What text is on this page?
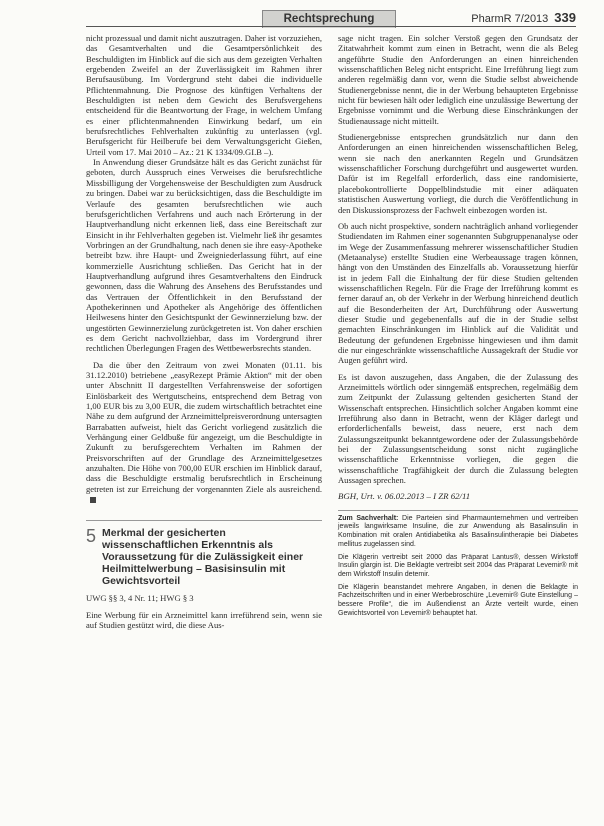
Rechtsprechung	PharmR 7/2013 339

nicht prozessual und damit nicht auszutragen. Daher ist vorzuziehen, das Gesamtverhalten und die Gesamtpersönlichkeit des Beschuldigten im Hinblick auf die sich aus dem gezeigten Verhalten ergebenden Zweifel an der Zuverlässigkeit im Rahmen ihrer Berufsausübung. Im Vordergrund steht dabei die individuelle Pflichtenmahnung. Die Prognose des künftigen Verhaltens der Beschuldigten ist neben dem Gewicht des Berufsvergehens entscheidend für die Beantwortung der Frage, in welchem Umfang es einer pflichtenmahnenden Einwirkung bedarf, um ein berufsrechtliches Fehlverhalten zukünftig zu unterlassen (vgl. Berufsgericht für Heilberufe bei dem Verwaltungsgericht Gießen, Urteil vom 17. Mai 2010 – Az.: 21 K 1334/09.GI.B –).

In Anwendung dieser Grundsätze hält es das Gericht zunächst für geboten, durch Ausspruch eines Verweises die berufsrechtliche Missbilligung der Vorgehensweise der Beschuldigten zum Ausdruck zu bringen. Dabei war zu berücksichtigen, dass die Beschuldigte im Verlaufe des gesamten berufsrechtlichen wie auch berufsgerichtlichen Verfahrens und auch nach Erörterung in der Hauptverhandlung nicht erkennen ließ, dass eine Bereitschaft zur Einsicht in ihr Fehlverhalten gegeben ist. Vielmehr ließ ihr gesamtes Vorbringen an der Grundhaltung, nach denen sie ihre easy-Apotheke betreibt bzw. ihre Haupt- und Zweigniederlassung führt, auf eine kommerzielle Ausrichtung schließen. Das Gericht hat in der Hauptverhandlung aufgrund ihres Gesamtverhaltens den Eindruck gewonnen, dass die Wahrung des Ansehens des Berufsstandes und das Vertrauen der Öffentlichkeit in den Berufsstand der Apothekerinnen und Apotheker als Angehörige des öffentlichen Heilwesens hinter den Gesichtspunkt der Gewinnerzielung bzw. der ungestörten Gewinnerzielung zurückgetreten ist. Von daher erschien es dem Gericht nachvollziehbar, dass im Vordergrund ihrer rechtlichen Überlegungen Fragen des Wettbewerbsrechts standen.

Da die über den Zeitraum von zwei Monaten (01.11. bis 31.12.2010) betriebene „easyRezept Prämie Aktion“ mit der oben unter Abschnitt II dargestellten Verfahrensweise der sofortigen Einlösbarkeit des Wertgutscheins, entsprechend dem Betrag von 1,00 EUR bis zu 3,00 EUR, die zudem wirtschaftlich betrachtet eine Nähe zu dem aufgrund der Arzneimittelpreisverordnung untersagten Barrabatten aufweist, hielt das Gericht vorliegend zusätzlich die Verhängung einer Geldbuße für angezeigt, um die Beschuldigte in Zukunft zu berufsgerechtem Verhalten im Rahmen der Preisvorschriften auf der Grundlage des Arzneimittelgesetzes anzuhalten. Die Höhe von 700,00 EUR erschien im Hinblick darauf, dass die Beschuldigte erstmalig berufsrechtlich in Erscheinung getreten ist zur Erreichung der vorgenannten Ziele als ausreichend.

5 Merkmal der gesicherten wissenschaftlichen Erkenntnis als Voraussetzung für die Zulässigkeit einer Heilmittelwerbung – Basisinsulin mit Gewichtsvorteil
UWG §§ 3, 4 Nr. 11; HWG § 3

Eine Werbung für ein Arzneimittel kann irreführend sein, wenn sie auf Studien gestützt wird, die diese Aus-

sage nicht tragen. Ein solcher Verstoß gegen den Grundsatz der Zitatwahrheit kommt zum einen in Betracht, wenn die als Beleg angeführte Studie den Anforderungen an einen hinreichenden wissenschaftlichen Beleg nicht entspricht. Eine Irreführung liegt zum anderen regelmäßig dann vor, wenn die Studie selbst abweichende Studienergebnisse nennt, die in der Werbung behaupteten Ergebnisse nicht für bewiesen hält oder lediglich eine unzulässige Bewertung der Ergebnisse vornimmt und die Werbung diese Einschränkungen der Studienaussage nicht mitteilt.

Studienergebnisse entsprechen grundsätzlich nur dann den Anforderungen an einen hinreichenden wissenschaftlichen Beleg, wenn sie nach den anerkannten Regeln und Grundsätzen wissenschaftlicher Forschung durchgeführt und ausgewertet wurden. Dafür ist im Regelfall erforderlich, dass eine randomisierte, placebokontrollierte Doppelblindstudie mit einer adäquaten statistischen Auswertung vorliegt, die durch die Veröffentlichung in den Diskussionsprozess der Fachwelt einbezogen worden ist.

Ob auch nicht prospektive, sondern nachträglich anhand vorliegender Studiendaten im Rahmen einer sogenannten Subgruppenanalyse oder im Wege der Zusammenfassung mehrerer wissenschaftlicher Studien (Metaanalyse) erstellte Studien eine Werbeaussage tragen können, hängt von den Umständen des Einzelfalls ab. Voraussetzung hierfür ist in jedem Fall die Einhaltung der für diese Studien geltenden wissenschaftlichen Regeln. Für die Frage der Irreführung kommt es ferner darauf an, ob der Verkehr in der Werbung hinreichend deutlich auf die Besonderheiten der Art, Durchführung oder Auswertung dieser Studie und gegebenenfalls auf die in der Studie selbst gemachten Einschränkungen im Hinblick auf die Validität und Bedeutung der gefundenen Ergebnisse hingewiesen und ihm damit die nur eingeschränkte wissenschaftliche Aussagekraft der Studie vor Augen geführt wird.

Es ist davon auszugehen, dass Angaben, die der Zulassung des Arzneimittels wörtlich oder sinngemäß entsprechen, regelmäßig dem zum Zeitpunkt der Zulassung geltenden gesicherten Stand der Wissenschaft entsprechen. Hinsichtlich solcher Angaben kommt eine Irreführung also dann in Betracht, wenn der Kläger darlegt und erforderlichenfalls beweist, dass neuere, erst nach dem Zulassungszeitpunkt bekanntgewordene oder der Zulassungsbehörde bei der Zulassungsentscheidung sonst nicht zugängliche wissenschaftliche Erkenntnisse vorliegen, die gegen die wissenschaftliche Tragfähigkeit der durch die Zulassung belegten Aussagen sprechen.

BGH, Urt. v. 06.02.2013 – I ZR 62/11

Zum Sachverhalt: Die Parteien sind Pharmaunternehmen und vertreiben jeweils langwirksame Insuline, die zur Anwendung als Basalinsulin in Kombination mit oralen Antidiabetika als Basalinsulintherapie bei Diabetes mellitus zugelassen sind.

Die Klägerin vertreibt seit 2000 das Präparat Lantus®, dessen Wirkstoff Insulin glargin ist. Die Beklagte vertreibt seit 2004 das Präparat Levemir® mit dem Wirkstoff Insulin detemir.

Die Klägerin beanstandet mehrere Angaben, in denen die Beklagte in Fachzeitschriften und in einer Werbebroschüre „Levemir® Gute Einstellung – bessere Profile“, die im Außendienst an Ärzte verteilt wurde, einen Gewichtsvorteil von Levemir® behauptet hat.
